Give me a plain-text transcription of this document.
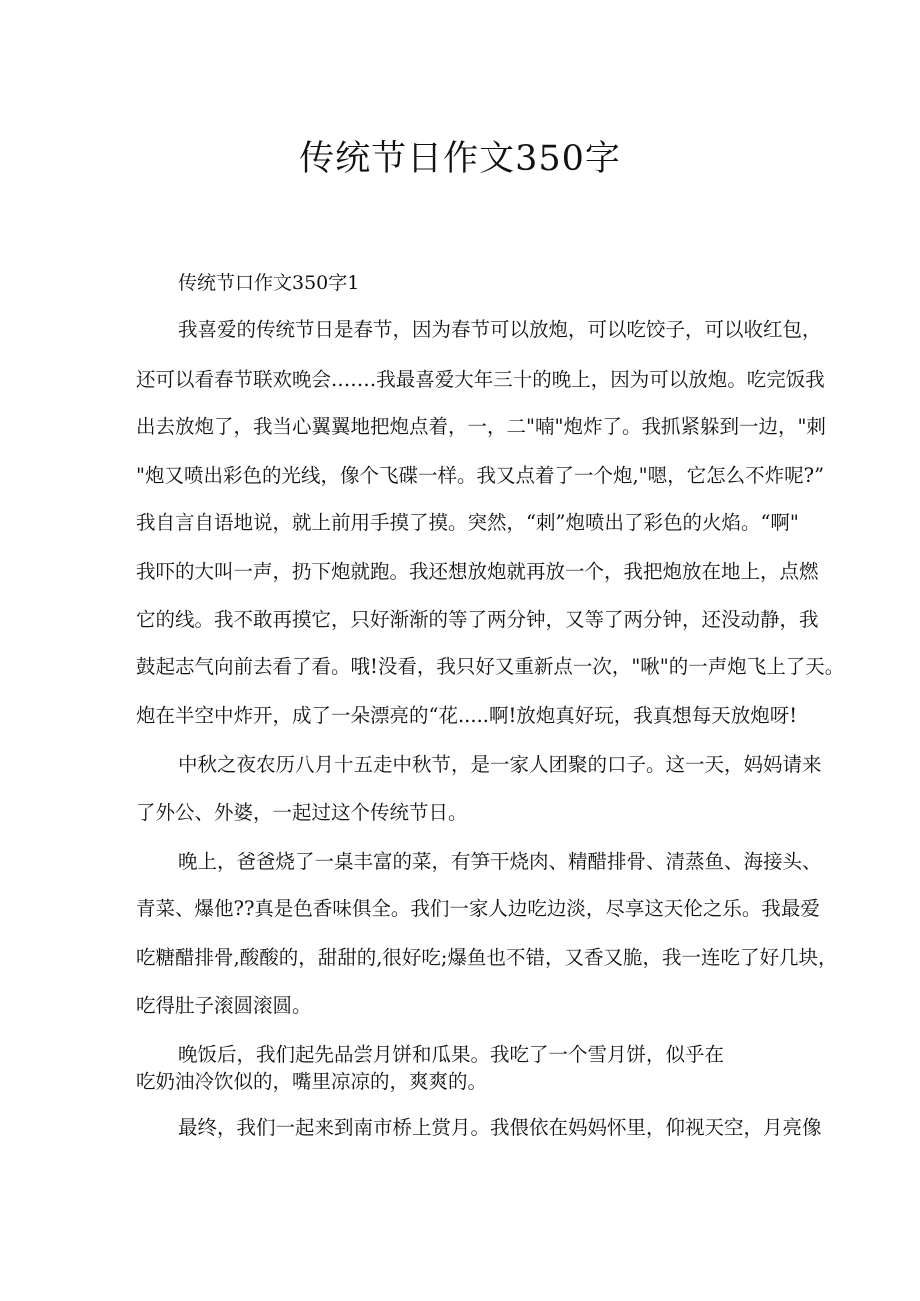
传统节日作文350字
传统节口作文350字1
我喜爱的传统节日是春节，因为春节可以放炮，可以吃饺子，可以收红包，
还可以看春节联欢晚会.……我最喜爱大年三十的晚上，因为可以放炮。吃完饭我
出去放炮了，我当心翼翼地把炮点着，一，二"喃"炮炸了。我抓紧躲到一边，"刺
"炮又喷出彩色的光线，像个飞碟一样。我又点着了一个炮,"嗯，它怎么不炸呢?”
我自言自语地说，就上前用手摸了摸。突然，“刺”炮喷出了彩色的火焰。“啊"
我吓的大叫一声，扔下炮就跑。我还想放炮就再放一个，我把炮放在地上，点燃
它的线。我不敢再摸它，只好渐渐的等了两分钟，又等了两分钟，还没动静，我
鼓起志气向前去看了看。哦!没看，我只好又重新点一次，"啾"的一声炮飞上了天。
炮在半空中炸开，成了一朵漂亮的“花.....啊!放炮真好玩，我真想每天放炮呀!
中秋之夜农历八月十五走中秋节，是一家人团聚的口子。这一天，妈妈请来
了外公、外婆，一起过这个传统节日。
晚上，爸爸烧了一桌丰富的菜，有笋干烧肉、精醋排骨、清蒸鱼、海接头、
青菜、爆他??真是色香味俱全。我们一家人边吃边淡，尽享这天伦之乐。我最爱
吃糖醋排骨,酸酸的，甜甜的,很好吃;爆鱼也不错，又香又脆，我一连吃了好几块，
吃得肚子滚圆滚圆。
晚饭后，我们起先品尝月饼和瓜果。我吃了一个雪月饼，似乎在
吃奶油冷饮似的，嘴里凉凉的，爽爽的。
最终，我们一起来到南市桥上赏月。我偎依在妈妈怀里，仰视天空，月亮像
